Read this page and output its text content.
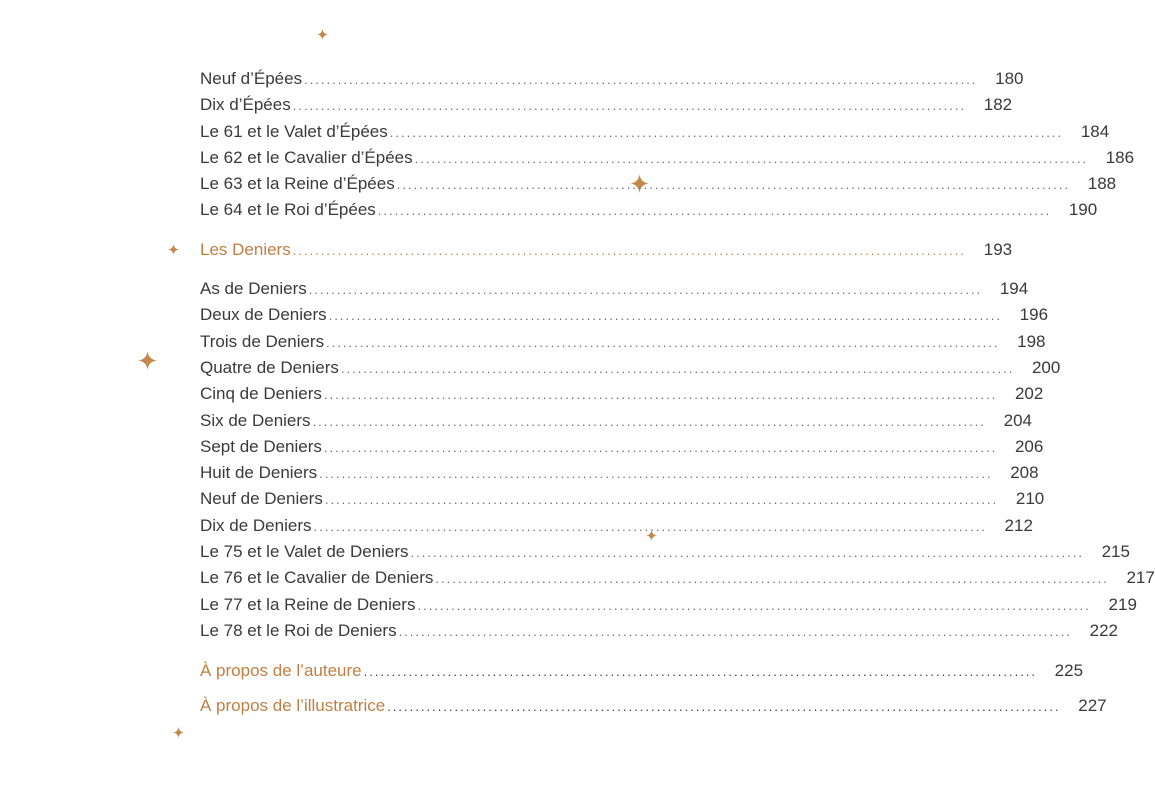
Neuf d’Épées ........................................................................................................................	180
Dix d’Épées ........................................................................................................................	182
Le 61 et le Valet d’Épées ........................................................................................................................	184
Le 62 et le Cavalier d’Épées ........................................................................................................................	186
Le 63 et la Reine d’Épées ........................................................................................................................	188
Le 64 et le Roi d’Épées ........................................................................................................................	190
Les Deniers ........................................................................................................................	193
As de Deniers ........................................................................................................................	194
Deux de Deniers ........................................................................................................................	196
Trois de Deniers ........................................................................................................................	198
Quatre de Deniers ........................................................................................................................	200
Cinq de Deniers ........................................................................................................................	202
Six de Deniers ........................................................................................................................	204
Sept de Deniers ........................................................................................................................	206
Huit de Deniers ........................................................................................................................	208
Neuf de Deniers ........................................................................................................................	210
Dix de Deniers ........................................................................................................................	212
Le 75 et le Valet de Deniers ........................................................................................................................	215
Le 76 et le Cavalier de Deniers ........................................................................................................................	217
Le 77 et la Reine de Deniers ........................................................................................................................	219
Le 78 et le Roi de Deniers ........................................................................................................................	222
À propos de l’auteure ........................................................................................................................	225
À propos de l’illustratrice ........................................................................................................................	227
